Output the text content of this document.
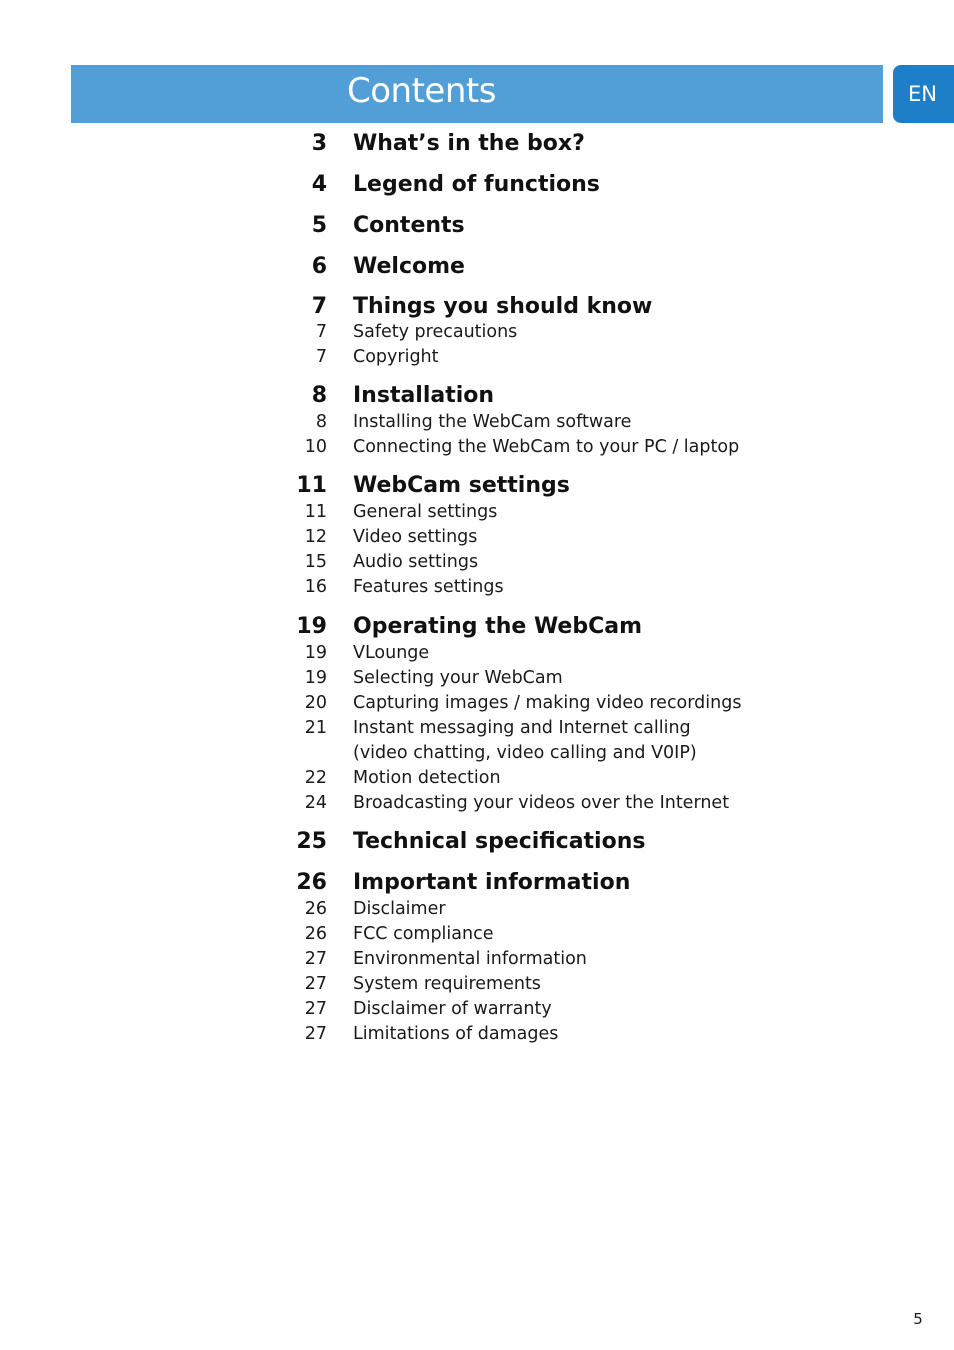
Contents	EN
3 What’s in the box?
4 Legend of functions
5 Contents
6 Welcome
7 Things you should know
7 Safety precautions
7 Copyright
8 Installation
8 Installing the WebCam software
10 Connecting the WebCam to your PC / laptop
11 WebCam settings
11 General settings
12 Video settings
15 Audio settings
16 Features settings
19 Operating the WebCam
19 VLounge
19 Selecting your WebCam
20 Capturing images / making video recordings
21 Instant messaging and Internet calling
(video chatting, video calling and V0IP)
22 Motion detection
24 Broadcasting your videos over the Internet
25 Technical specifications
26 Important information
26 Disclaimer
26 FCC compliance
27 Environmental information
27 System requirements
27 Disclaimer of warranty
27 Limitations of damages
5
